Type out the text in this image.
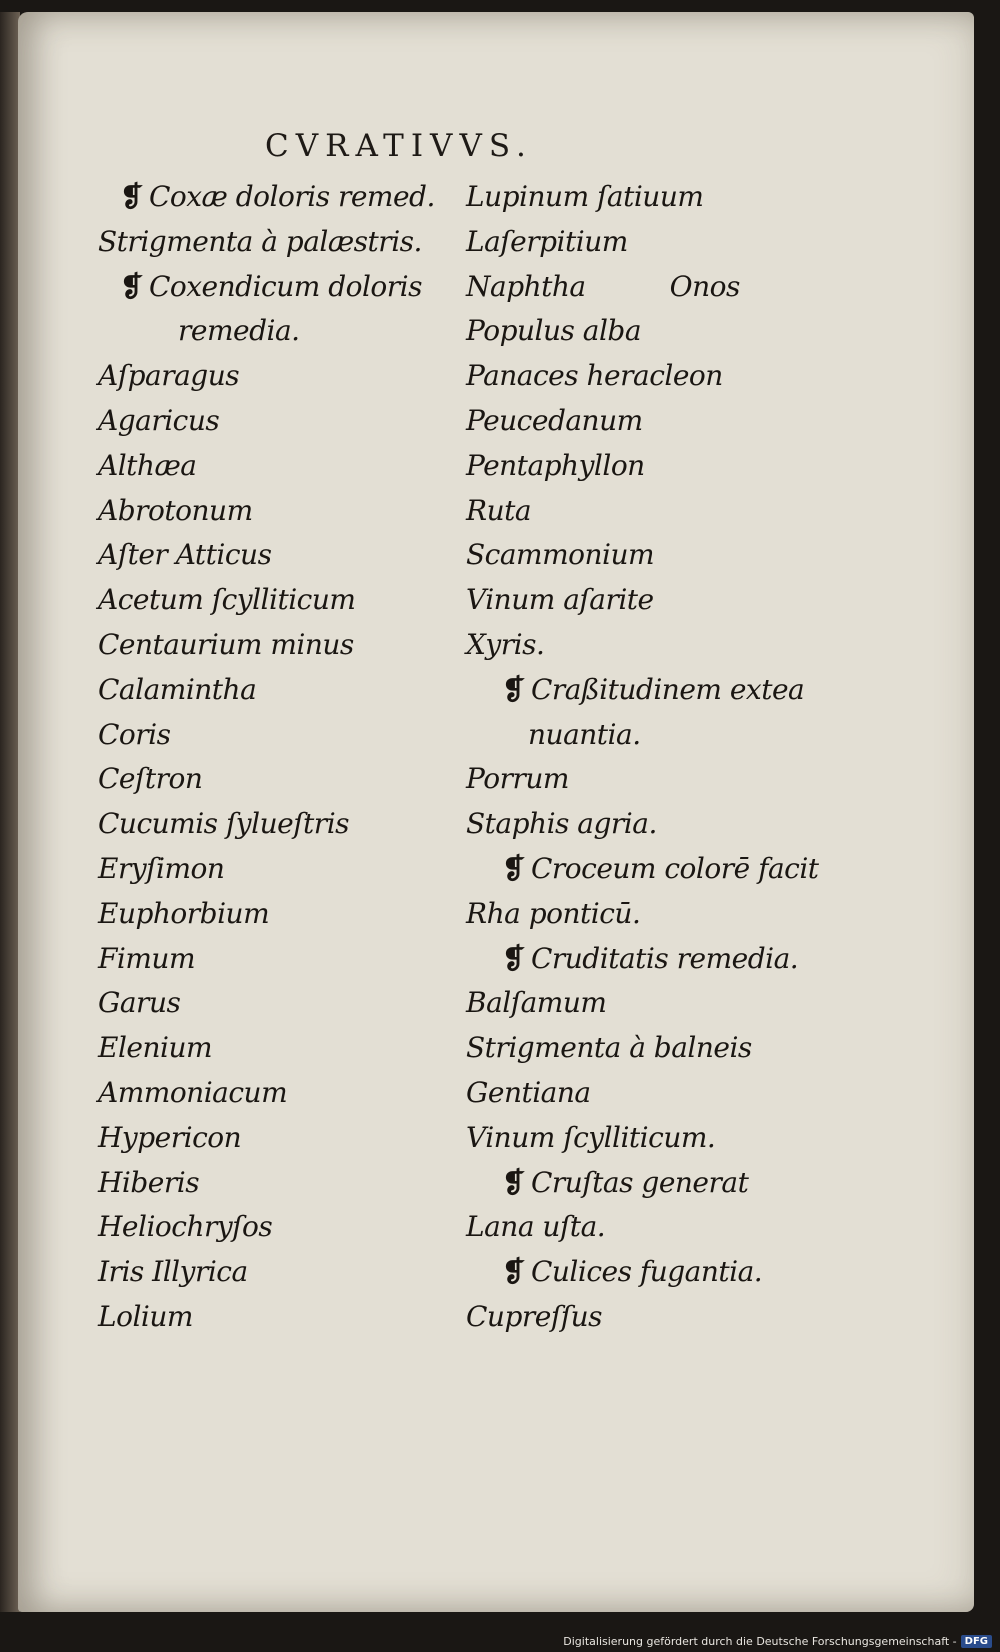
CVRATIVVS.
❡ Coxæ doloris remed.
Strigmenta à palæstris.
❡ Coxendicum doloris
remedia.
Aſparagus
Agaricus
Althæa
Abrotonum
Aſter Atticus
Acetum ſcylliticum
Centaurium minus
Calamintha
Coris
Ceſtron
Cucumis ſylueſtris
Eryſimon
Euphorbium
Fimum
Garus
Elenium
Ammoniacum
Hypericon
Hiberis
Heliochryſos
Iris Illyrica
Lolium
Lupinum ſatiuum
Laſerpitium
Naphtha          Onos
Populus alba
Panaces heracleon
Peucedanum
Pentaphyllon
Ruta
Scammonium
Vinum aſarite
Xyris.
❡ Craßitudinem extea
nuantia.
Porrum
Staphis agria.
❡ Croceum colorē facit
Rha ponticū.
❡ Cruditatis remedia.
Balſamum
Strigmenta à balneis
Gentiana
Vinum ſcylliticum.
❡ Cruſtas generat
Lana uſta.
❡ Culices fugantia.
Cupreſſus
Digitalisierung gefördert durch die Deutsche Forschungsgemeinschaft - DFG
